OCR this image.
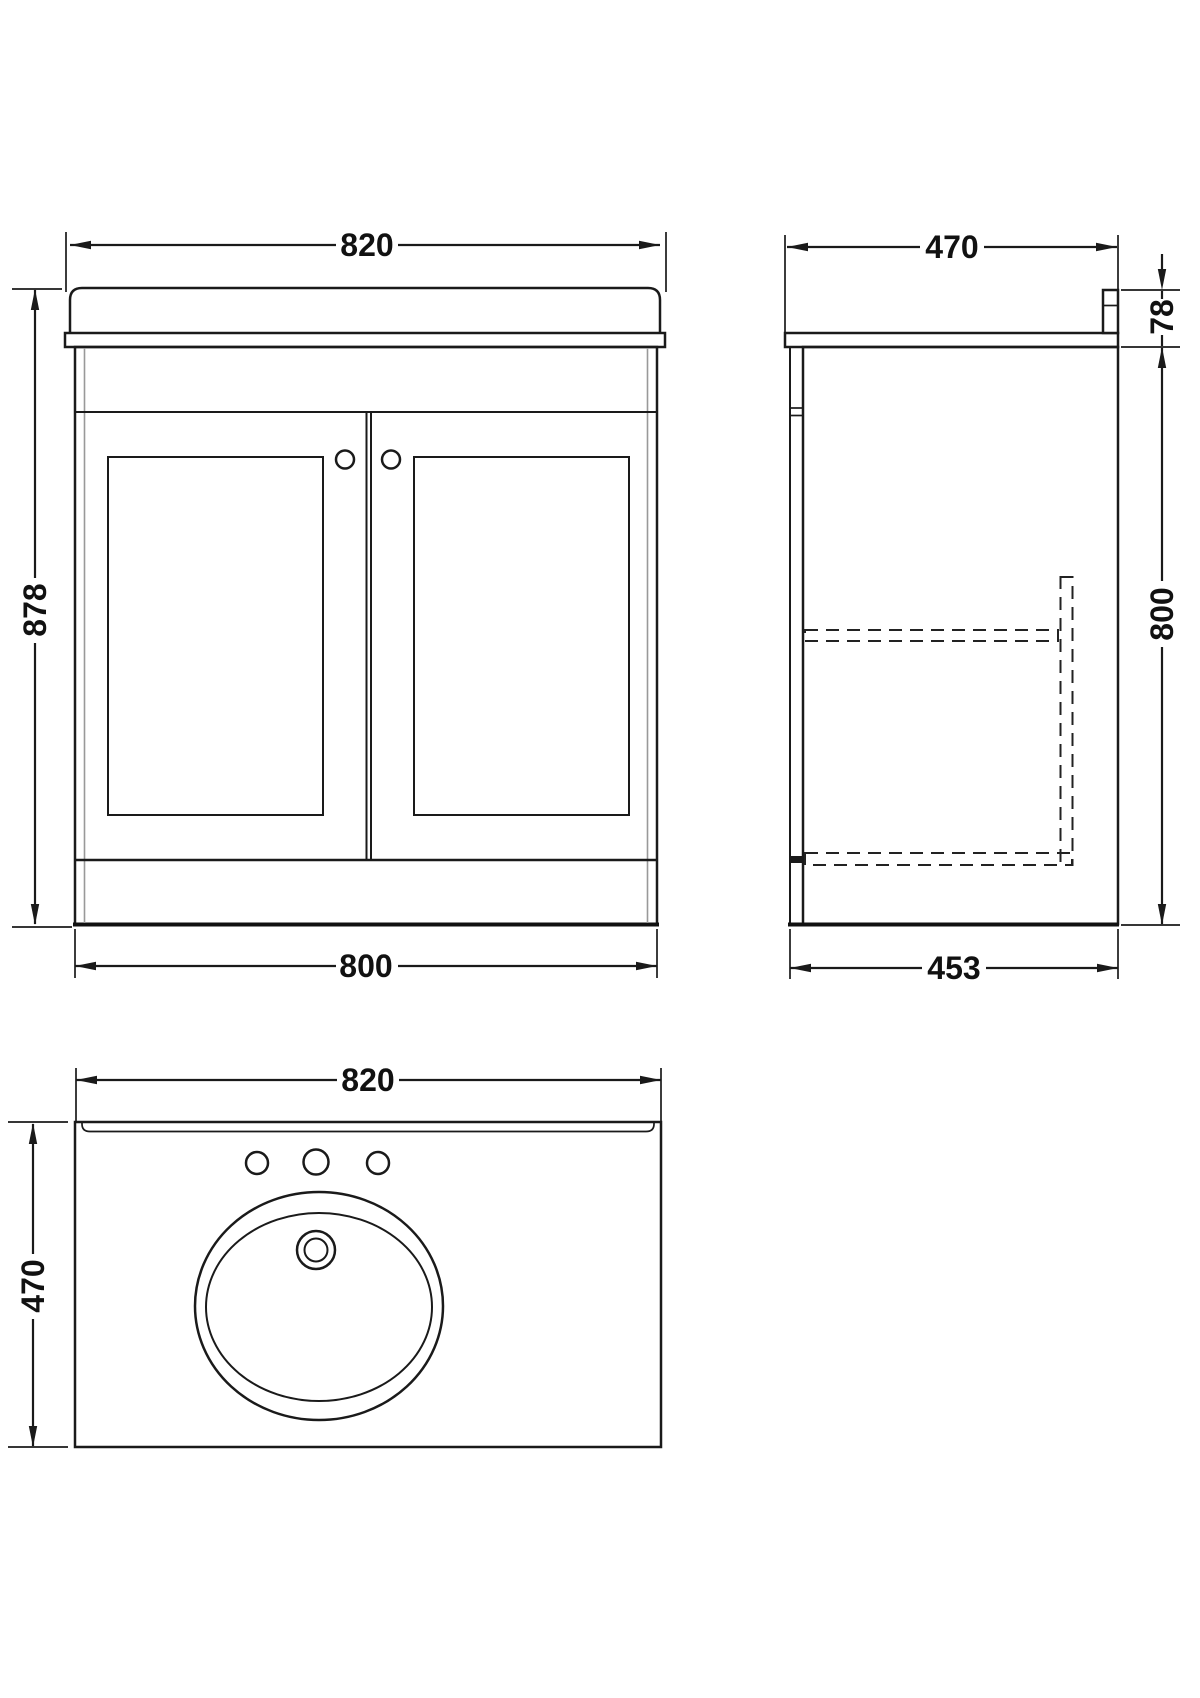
820
878
800
470
78
800
453
820
470
